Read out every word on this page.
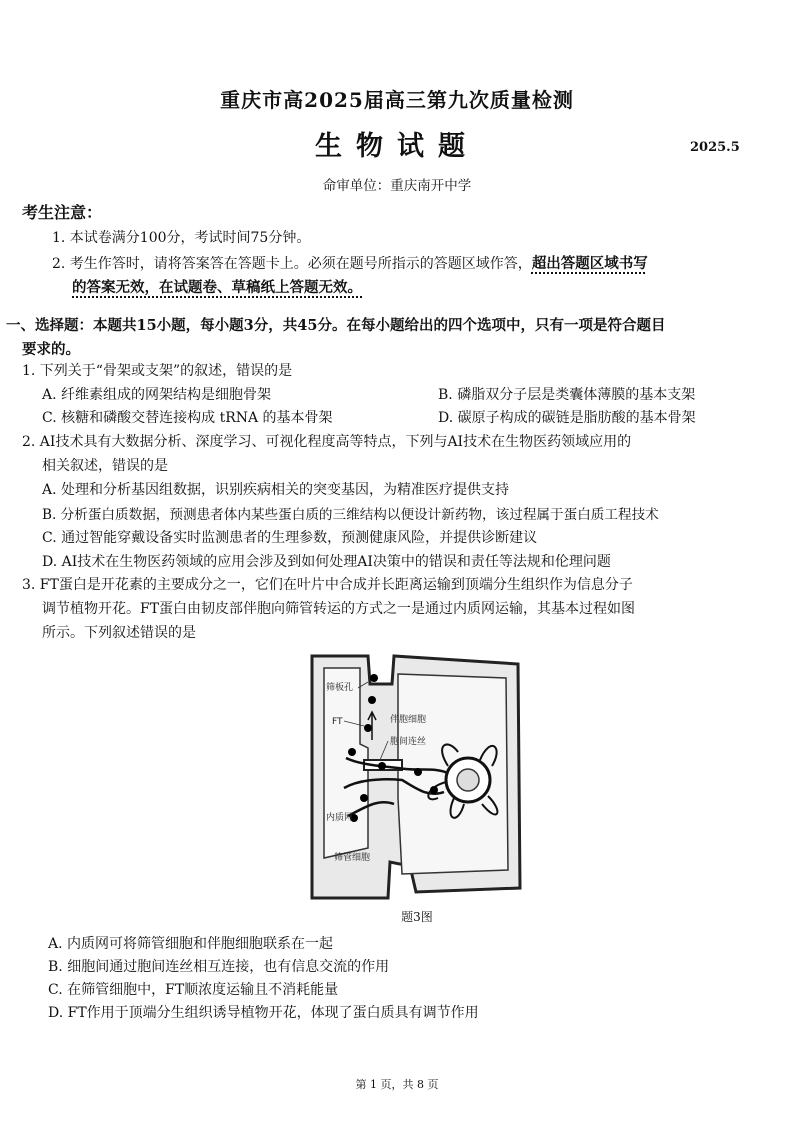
重庆市高2025届高三第九次质量检测
生物试题	2025.5
命审单位：重庆南开中学
考生注意：
1. 本试卷满分100分，考试时间75分钟。
2. 考生作答时，请将答案答在答题卡上。必须在题号所指示的答题区域作答，超出答题区域书写
的答案无效，在试题卷、草稿纸上答题无效。
一、选择题：本题共15小题，每小题3分，共45分。在每小题给出的四个选项中，只有一项是符合题目
要求的。
1. 下列关于“骨架或支架”的叙述，错误的是
A. 纤维素组成的网架结构是细胞骨架	B. 磷脂双分子层是类囊体薄膜的基本支架
C. 核糖和磷酸交替连接构成 tRNA 的基本骨架	D. 碳原子构成的碳链是脂肪酸的基本骨架
2. AI技术具有大数据分析、深度学习、可视化程度高等特点，下列与AI技术在生物医药领域应用的
相关叙述，错误的是
A. 处理和分析基因组数据，识别疾病相关的突变基因，为精准医疗提供支持
B. 分析蛋白质数据，预测患者体内某些蛋白质的三维结构以便设计新药物，该过程属于蛋白质工程技术
C. 通过智能穿戴设备实时监测患者的生理参数，预测健康风险，并提供诊断建议
D. AI技术在生物医药领域的应用会涉及到如何处理AI决策中的错误和责任等法规和伦理问题
3. FT蛋白是开花素的主要成分之一，它们在叶片中合成并长距离运输到顶端分生组织作为信息分子
调节植物开花。FT蛋白由韧皮部伴胞向筛管转运的方式之一是通过内质网运输，其基本过程如图
所示。下列叙述错误的是
筛板孔
FT	伴胞细胞
胞间连丝
内质网
筛管细胞
题3图
A. 内质网可将筛管细胞和伴胞细胞联系在一起
B. 细胞间通过胞间连丝相互连接，也有信息交流的作用
C. 在筛管细胞中，FT顺浓度运输且不消耗能量
D. FT作用于顶端分生组织诱导植物开花，体现了蛋白质具有调节作用
第 1 页，共 8 页
